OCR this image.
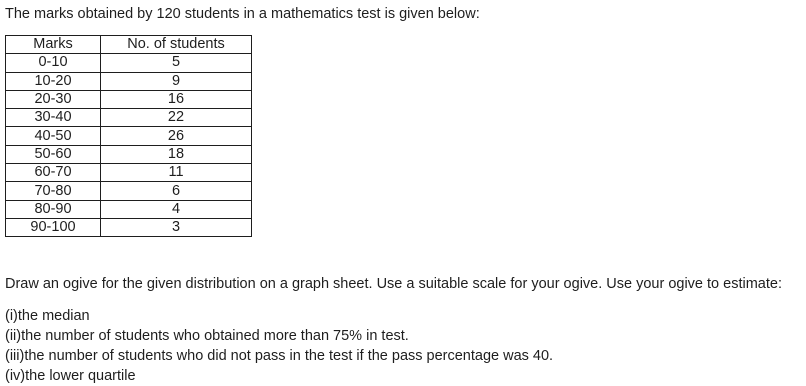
The marks obtained by 120 students in a mathematics test is given below:
Marks	No. of students
0-10	5
10-20	9
20-30	16
30-40	22
40-50	26
50-60	18
60-70	11
70-80	6
80-90	4
90-100	3
Draw an ogive for the given distribution on a graph sheet. Use a suitable scale for your ogive. Use your ogive to estimate:
(i)the median
(ii)the number of students who obtained more than 75% in test.
(iii)the number of students who did not pass in the test if the pass percentage was 40.
(iv)the lower quartile
